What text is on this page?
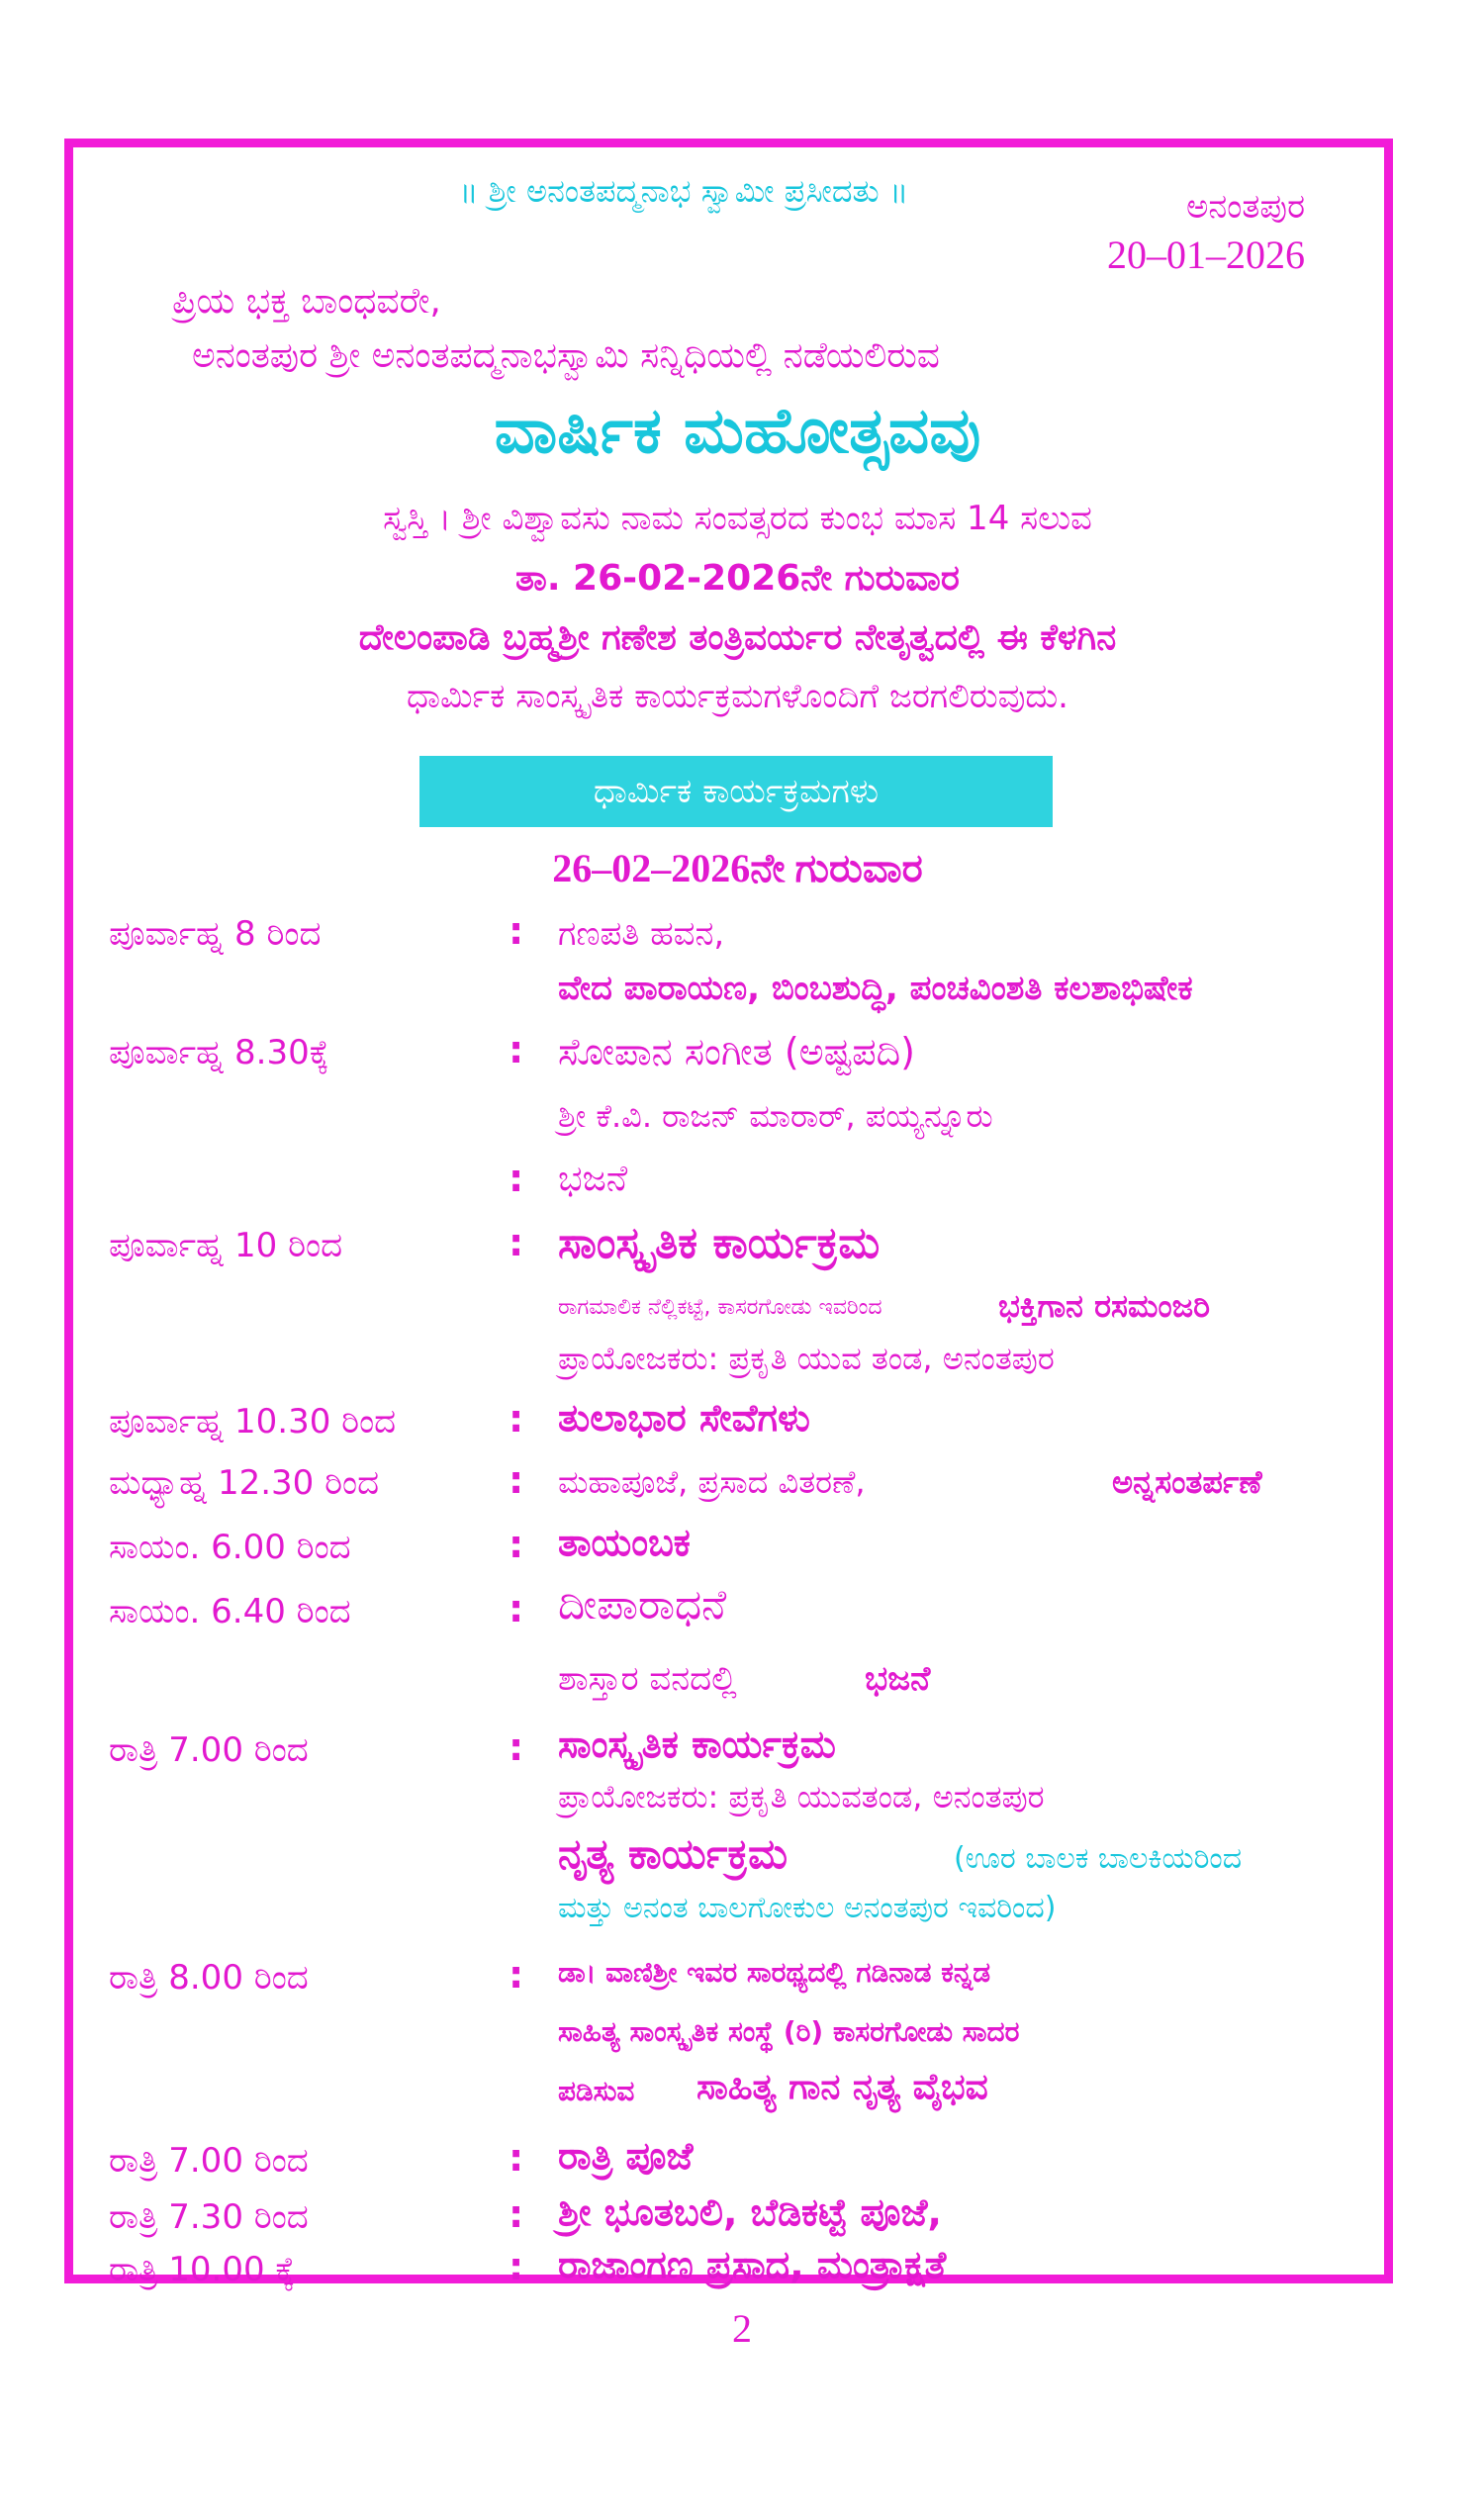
॥ ಶ್ರೀ ಅನಂತಪದ್ಮನಾಭ ಸ್ವಾಮೀ ಪ್ರಸೀದತು ॥	ಅನಂತಪುರ
20–01–2026
ಪ್ರಿಯ ಭಕ್ತ ಬಾಂಧವರೇ,
ಅನಂತಪುರ ಶ್ರೀ ಅನಂತಪದ್ಮನಾಭಸ್ವಾಮಿ ಸನ್ನಿಧಿಯಲ್ಲಿ ನಡೆಯಲಿರುವ
ವಾರ್ಷಿಕ ಮಹೋತ್ಸವವು
ಸ್ವಸ್ತಿ । ಶ್ರೀ ವಿಶ್ವಾವಸು ನಾಮ ಸಂವತ್ಸರದ ಕುಂಭ ಮಾಸ 14 ಸಲುವ
ತಾ. 26-02-2026ನೇ ಗುರುವಾರ
ದೇಲಂಪಾಡಿ ಬ್ರಹ್ಮಶ್ರೀ ಗಣೇಶ ತಂತ್ರಿವರ್ಯರ ನೇತೃತ್ವದಲ್ಲಿ ಈ ಕೆಳಗಿನ
ಧಾರ್ಮಿಕ ಸಾಂಸ್ಕೃತಿಕ ಕಾರ್ಯಕ್ರಮಗಳೊಂದಿಗೆ ಜರಗಲಿರುವುದು.
ಧಾರ್ಮಿಕ ಕಾರ್ಯಕ್ರಮಗಳು
26–02–2026ನೇ ಗುರುವಾರ
ಪೂರ್ವಾಹ್ನ 8 ರಿಂದ	: ಗಣಪತಿ ಹವನ,
ವೇದ ಪಾರಾಯಣ, ಬಿಂಬಶುದ್ಧಿ, ಪಂಚವಿಂಶತಿ ಕಲಶಾಭಿಷೇಕ
ಪೂರ್ವಾಹ್ನ 8.30ಕ್ಕೆ	: ಸೋಪಾನ ಸಂಗೀತ (ಅಷ್ಟಪದಿ)
ಶ್ರೀ ಕೆ.ವಿ. ರಾಜನ್ ಮಾರಾರ್, ಪಯ್ಯನ್ನೂರು
: ಭಜನೆ
ಪೂರ್ವಾಹ್ನ 10 ರಿಂದ	: ಸಾಂಸ್ಕೃತಿಕ ಕಾರ್ಯಕ್ರಮ
ರಾಗಮಾಲಿಕ ನೆಲ್ಲಿಕಟ್ಟೆ, ಕಾಸರಗೋಡು ಇವರಿಂದ	ಭಕ್ತಿಗಾನ ರಸಮಂಜರಿ
ಪ್ರಾಯೋಜಕರು: ಪ್ರಕೃತಿ ಯುವ ತಂಡ, ಅನಂತಪುರ
ಪೂರ್ವಾಹ್ನ 10.30 ರಿಂದ	: ತುಲಾಭಾರ ಸೇವೆಗಳು
ಮಧ್ಯಾಹ್ನ 12.30 ರಿಂದ	: ಮಹಾಪೂಜೆ, ಪ್ರಸಾದ ವಿತರಣೆ,	ಅನ್ನಸಂತರ್ಪಣೆ
ಸಾಯಂ. 6.00 ರಿಂದ	: ತಾಯಂಬಕ
ಸಾಯಂ. 6.40 ರಿಂದ	: ದೀಪಾರಾಧನೆ
ಶಾಸ್ತಾರ ವನದಲ್ಲಿ	ಭಜನೆ
ರಾತ್ರಿ 7.00 ರಿಂದ	: ಸಾಂಸ್ಕೃತಿಕ ಕಾರ್ಯಕ್ರಮ
ಪ್ರಾಯೋಜಕರು: ಪ್ರಕೃತಿ ಯುವತಂಡ, ಅನಂತಪುರ
ನೃತ್ಯ ಕಾರ್ಯಕ್ರಮ	(ಊರ ಬಾಲಕ ಬಾಲಕಿಯರಿಂದ
ಮತ್ತು ಅನಂತ ಬಾಲಗೋಕುಲ ಅನಂತಪುರ ಇವರಿಂದ)
ರಾತ್ರಿ 8.00 ರಿಂದ	: ಡಾ। ವಾಣಿಶ್ರೀ ಇವರ ಸಾರಥ್ಯದಲ್ಲಿ ಗಡಿನಾಡ ಕನ್ನಡ
ಸಾಹಿತ್ಯ ಸಾಂಸ್ಕೃತಿಕ ಸಂಸ್ಥೆ (ರಿ) ಕಾಸರಗೋಡು ಸಾದರ
ಪಡಿಸುವ ಸಾಹಿತ್ಯ ಗಾನ ನೃತ್ಯ ವೈಭವ
ರಾತ್ರಿ 7.00 ರಿಂದ	: ರಾತ್ರಿ ಪೂಜೆ
ರಾತ್ರಿ 7.30 ರಿಂದ	: ಶ್ರೀ ಭೂತಬಲಿ, ಬೆಡಿಕಟ್ಟೆ ಪೂಜೆ,
ರಾತ್ರಿ 10.00 ಕ್ಕೆ	: ರಾಜಾಂಗಣ ಪ್ರಸಾದ, ಮಂತ್ರಾಕ್ಷತೆ
2
